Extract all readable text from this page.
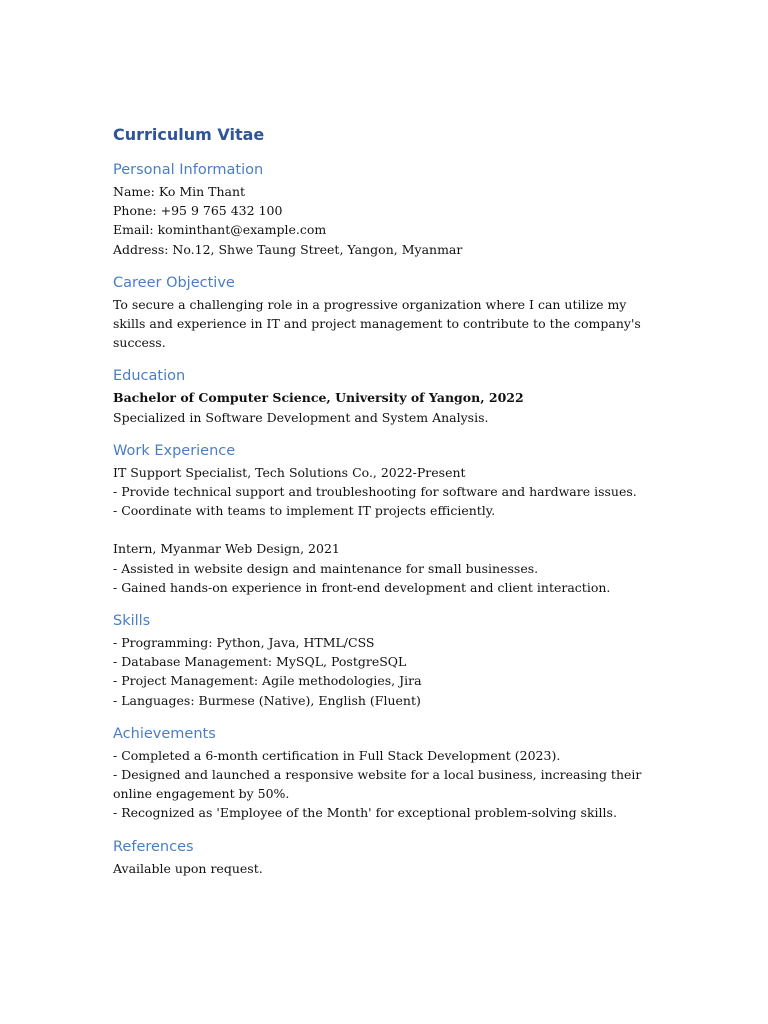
Curriculum Vitae
Personal Information

Name: Ko Min Thant

Phone: +95 9 765 432 100

Email: kominthant@example.com

Address: No.12, Shwe Taung Street, Yangon, Myanmar

Career Objective

To secure a challenging role in a progressive organization where I can utilize my skills and experience in IT and project management to contribute to the company's success.

Education

Bachelor of Computer Science, University of Yangon, 2022

Specialized in Software Development and System Analysis.

Work Experience

IT Support Specialist, Tech Solutions Co., 2022-Present

- Provide technical support and troubleshooting for software and hardware issues.

- Coordinate with teams to implement IT projects efficiently.

Intern, Myanmar Web Design, 2021

- Assisted in website design and maintenance for small businesses.

- Gained hands-on experience in front-end development and client interaction.

Skills

- Programming: Python, Java, HTML/CSS

- Database Management: MySQL, PostgreSQL

- Project Management: Agile methodologies, Jira

- Languages: Burmese (Native), English (Fluent)

Achievements

- Completed a 6-month certification in Full Stack Development (2023).

- Designed and launched a responsive website for a local business, increasing their online engagement by 50%.

- Recognized as 'Employee of the Month' for exceptional problem-solving skills.

References

Available upon request.
